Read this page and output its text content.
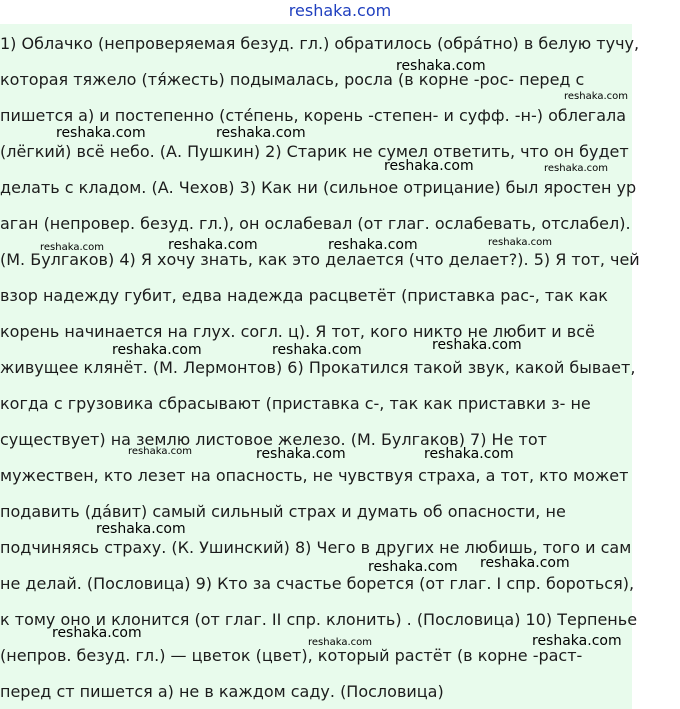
reshaka.com
1) Облачко (непроверяемая безуд. гл.) обратилось (обра́тно) в белую тучу,
которая тяжело (тя́жесть) подымалась, росла (в корне -рос- перед с
пишется а) и постепенно (сте́пень, корень -степен- и суфф. -н-) облегала
(лёгкий) всё небо. (А. Пушкин) 2) Старик не сумел ответить, что он будет
делать с кладом. (А. Чехов) 3) Как ни (сильное отрицание) был яростен ур
аган (непровер. безуд. гл.), он ослабевал (от глаг. ослабевать, отслабел).
(М. Булгаков) 4) Я хочу знать, как это делается (что делает?). 5) Я тот, чей
взор надежду губит, едва надежда расцветёт (приставка рас-, так как
корень начинается на глух. согл. ц). Я тот, кого никто не любит и всё
живущее клянёт. (М. Лермонтов) 6) Прокатился такой звук, какой бывает,
когда с грузовика сбрасывают (приставка с-, так как приставки з- не
существует) на землю листовое железо. (М. Булгаков) 7) Не тот
мужествен, кто лезет на опасность, не чувствуя страха, а тот, кто может
подавить (да́вит) самый сильный страх и думать об опасности, не
подчиняясь страху. (К. Ушинский) 8) Чего в других не любишь, того и сам
не делай. (Пословица) 9) Кто за счастье борется (от глаг. I спр. бороться),
к тому оно и клонится (от глаг. II спр. клонить) . (Пословица) 10) Терпенье
(непров. безуд. гл.) — цветок (цвет), который растёт (в корне -раст-
перед ст пишется а) не в каждом саду. (Пословица)
reshaka.com
reshaka.com
reshaka.com	reshaka.com
reshaka.com	reshaka.com
reshaka.com	reshaka.com	reshaka.com	reshaka.com
reshaka.com	reshaka.com	reshaka.com
reshaka.com	reshaka.com	reshaka.com
reshaka.com
reshaka.com
reshaka.com
reshaka.com
reshaka.com	reshaka.com
